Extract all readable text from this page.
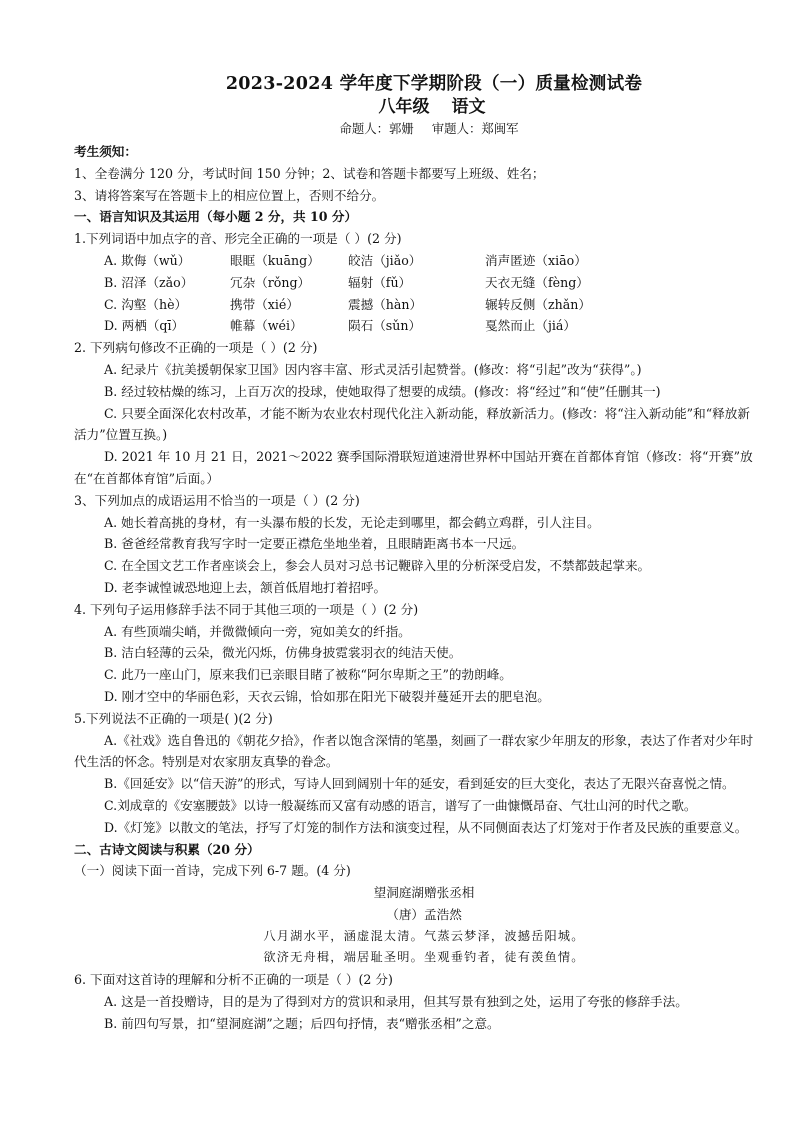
2023-2024 学年度下学期阶段（一）质量检测试卷
八年级 语文
命题人：郭姗 审题人：郑闽军
考生须知：
1、全卷满分 120 分，考试时间 150 分钟；2、试卷和答题卡都要写上班级、姓名；
3、请将答案写在答题卡上的相应位置上，否则不给分。
一、语言知识及其运用（每小题 2 分，共 10 分）
1.下列词语中加点字的音、形完全正确的一项是（ ）(2 分)
A. 欺侮（wǔ）	眼眶（kuāng）	皎洁（jiǎo）	消声匿迹（xiāo）
B. 沼泽（zǎo）	冗杂（rǒng）	辐射（fǔ）	天衣无缝（fèng）
C. 沟壑（hè）	携带（xié）	震撼（hàn）	辗转反侧（zhǎn）
D. 两栖（qī）	帷幕（wéi）	陨石（sǔn）	戛然而止（jiá）
2. 下列病句修改不正确的一项是（ ）(2 分)
A. 纪录片《抗美援朝保家卫国》因内容丰富、形式灵活引起赞誉。(修改：将“引起”改为“获得”。)
B. 经过较枯燥的练习，上百万次的投球，使她取得了想要的成绩。(修改：将“经过”和“使”任删其一)
C. 只要全面深化农村改革，才能不断为农业农村现代化注入新动能，释放新活力。(修改：将“注入新动能”和“释放新活力”位置互换。)
D. 2021 年 10 月 21 日，2021～2022 赛季国际滑联短道速滑世界杯中国站开赛在首都体育馆（修改：将“开赛”放在“在首都体育馆”后面。）
3、下列加点的成语运用不恰当的一项是（ ）(2 分)
A. 她长着高挑的身材，有一头瀑布般的长发，无论走到哪里，都会鹤立鸡群，引人注目。
B. 爸爸经常教育我写字时一定要正襟危坐地坐着，且眼睛距离书本一尺远。
C. 在全国文艺工作者座谈会上，参会人员对习总书记鞭辟入里的分析深受启发，不禁都鼓起掌来。
D. 老李诚惶诚恐地迎上去，颔首低眉地打着招呼。
4. 下列句子运用修辞手法不同于其他三项的一项是（ ）(2 分)
A. 有些顶端尖峭，并微微倾向一旁，宛如美女的纤指。
B. 洁白轻薄的云朵，微光闪烁，仿佛身披霓裳羽衣的纯洁天使。
C. 此乃一座山门，原来我们已亲眼目睹了被称“阿尔卑斯之王”的勃朗峰。
D. 刚才空中的华丽色彩，天衣云锦，恰如那在阳光下破裂并蔓延开去的肥皂泡。
5.下列说法不正确的一项是( )(2 分)
A.《社戏》选自鲁迅的《朝花夕拾》，作者以饱含深情的笔墨，刻画了一群农家少年朋友的形象，表达了作者对少年时代生活的怀念。特别是对农家朋友真挚的眷念。
B.《回延安》以“信天游”的形式，写诗人回到阔别十年的延安，看到延安的巨大变化，表达了无限兴奋喜悦之情。
C.刘成章的《安塞腰鼓》以诗一般凝练而又富有动感的语言，谱写了一曲慷慨昂奋、气壮山河的时代之歌。
D.《灯笼》以散文的笔法，抒写了灯笼的制作方法和演变过程，从不同侧面表达了灯笼对于作者及民族的重要意义。
二、古诗文阅读与积累（20 分）
（一）阅读下面一首诗，完成下列 6-7 题。(4 分)
望洞庭湖赠张丞相
（唐）孟浩然
八月湖水平，涵虚混太清。气蒸云梦泽，波撼岳阳城。
欲济无舟楫，端居耻圣明。坐观垂钓者，徒有羡鱼情。
6. 下面对这首诗的理解和分析不正确的一项是（ ）(2 分)
A. 这是一首投赠诗，目的是为了得到对方的赏识和录用，但其写景有独到之处，运用了夸张的修辞手法。
B. 前四句写景，扣“望洞庭湖”之题；后四句抒情，表“赠张丞相”之意。
